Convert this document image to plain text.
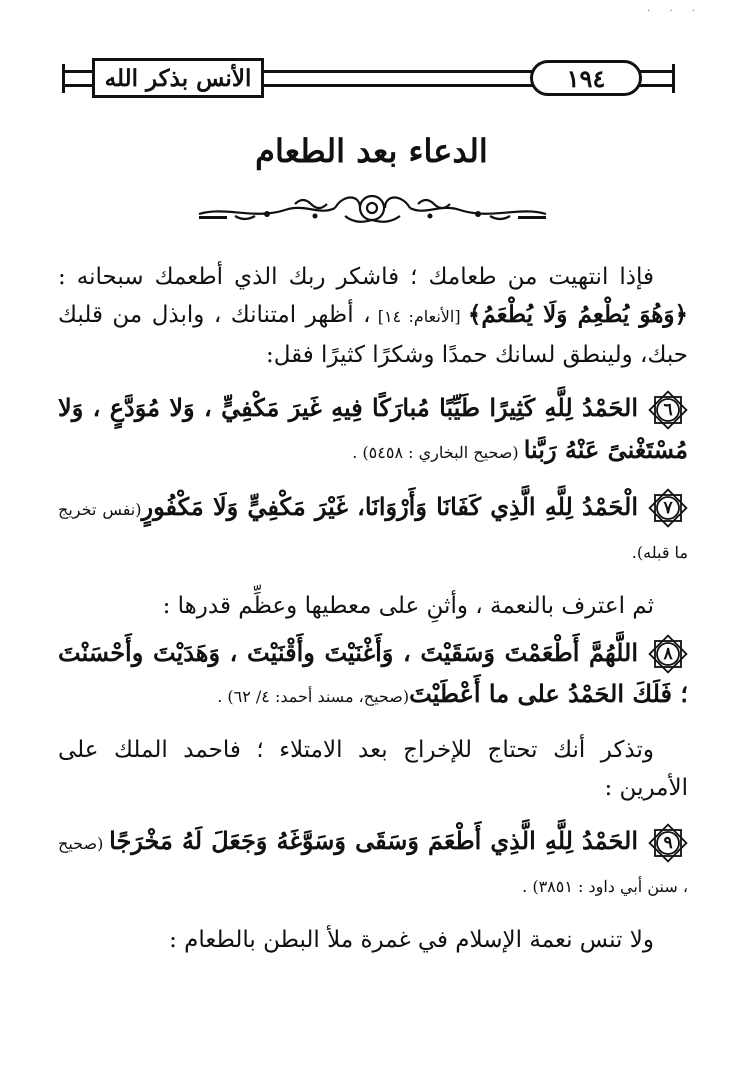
· · ·
الأنس بذكر الله	١٩٤
الدعاء بعد الطعام

فإذا انتهيت من طعامك ؛ فاشكر ربك الذي أطعمك سبحانه : ﴿وَهُوَ يُطْعِمُ وَلَا يُطْعَمُ﴾ [الأنعام: ١٤] ، أظهر امتنانك ، وابذل من قلبك حبك، ولينطق لسانك حمدًا وشكرًا كثيرًا فقل:

٦
الحَمْدُ لِلَّهِ كَثِيرًا طَيِّبًا مُبارَكًا فِيهِ غَيرَ مَكْفِيٍّ ، وَلا مُوَدَّعٍ ، وَلا مُسْتَغْنىً عَنْهُ رَبَّنا (صحيح البخاري : ٥٤٥٨) .

٧
الْحَمْدُ لِلَّهِ الَّذِي كَفَانَا وَأَرْوَانَا، غَيْرَ مَكْفِيٍّ وَلَا مَكْفُورٍ(نفس تخريج ما قبله).

ثم اعترف بالنعمة ، وأثنِ على معطيها وعظِّم قدرها :

٨
اللَّهُمَّ أَطْعَمْتَ وَسَقَيْتَ ، وَأَغْنَيْتَ وأَقْنَيْتَ ، وَهَدَيْتَ وأَحْسَنْتَ ؛ فَلَكَ الحَمْدُ على ما أَعْطَيْتَ(صحيح، مسند أحمد: ٤/ ٦٢) .

وتذكر أنك تحتاج للإخراج بعد الامتلاء ؛ فاحمد الملك على الأمرين :

٩
الحَمْدُ لِلَّهِ الَّذِي أَطْعَمَ وَسَقَى وَسَوَّغَهُ وَجَعَلَ لَهُ مَخْرَجًا (صحيح ، سنن أبي داود : ٣٨٥١) .

ولا تنس نعمة الإسلام في غمرة ملأ البطن بالطعام :
